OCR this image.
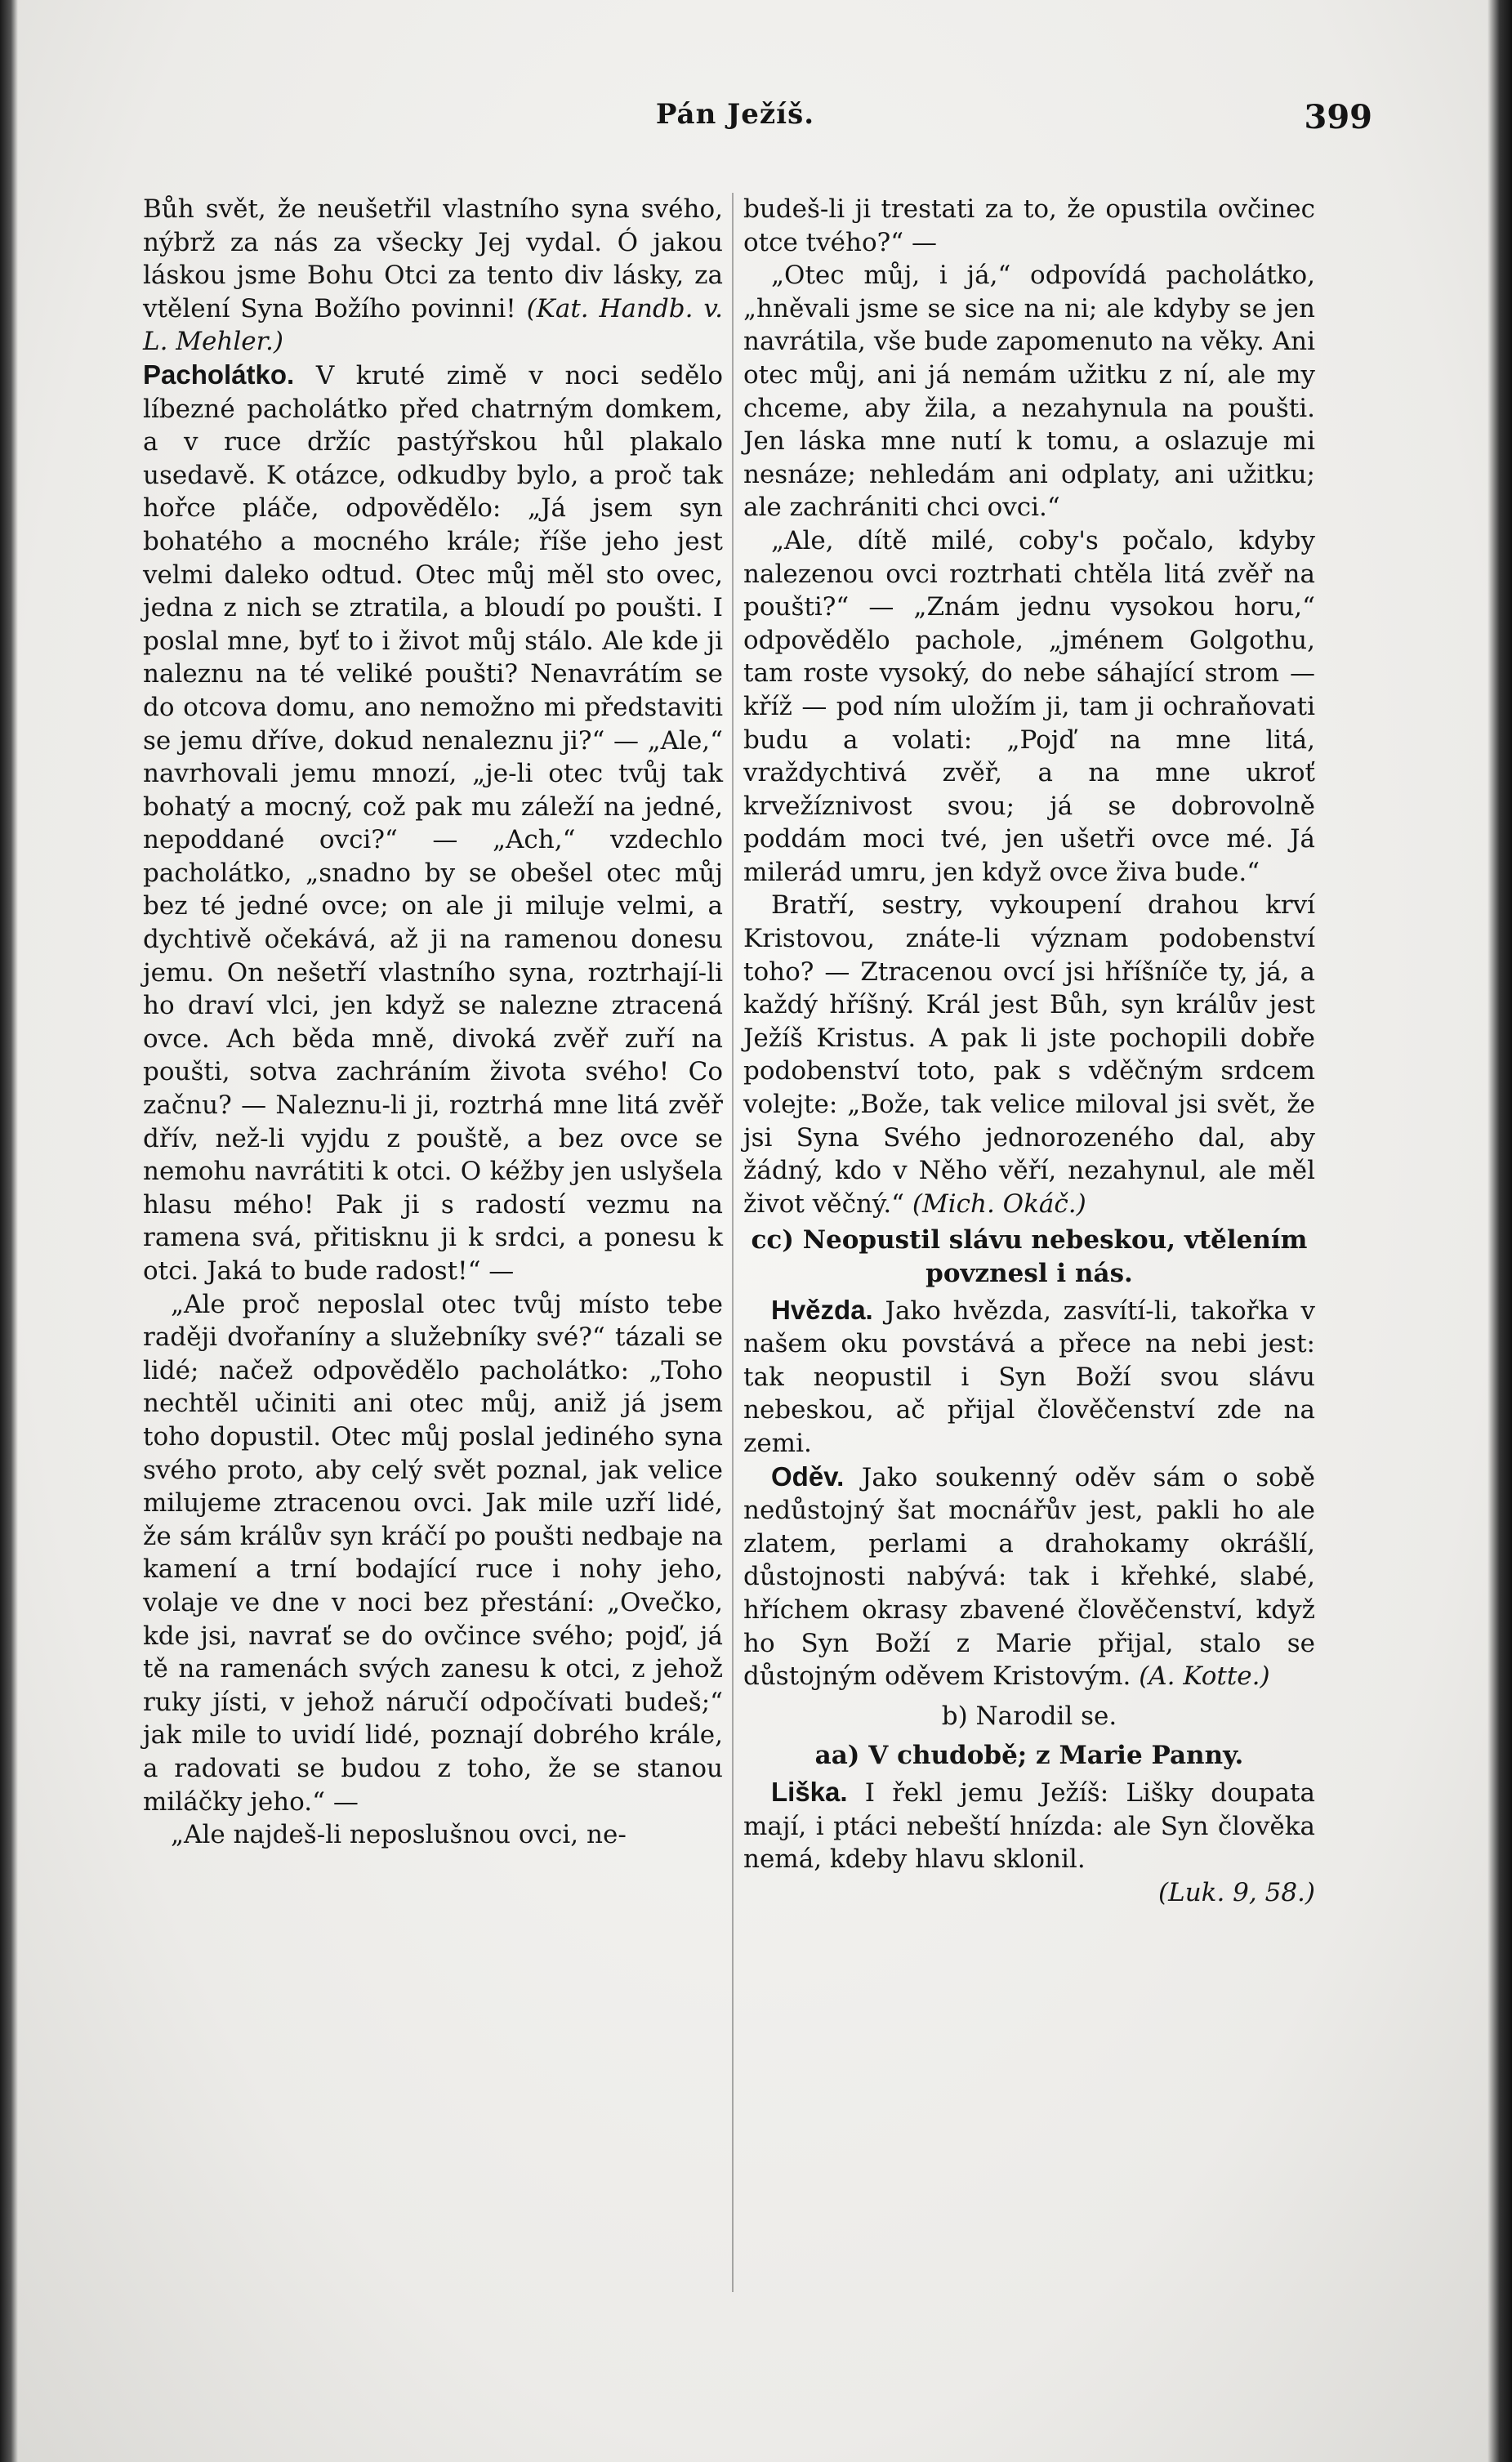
Pán Ježíš.	399

Bůh svět, že neušetřil vlastního syna svého, nýbrž za nás za všecky Jej vydal. Ó jakou láskou jsme Bohu Otci za tento div lásky, za vtělení Syna Božího povinni! (Kat. Handb. v. L. Mehler.)

Pacholátko. V kruté zimě v noci sedělo líbezné pacholátko před chatrným domkem, a v ruce držíc pastýřskou hůl plakalo usedavě. K otázce, odkudby bylo, a proč tak hořce pláče, odpovědělo: „Já jsem syn bohatého a mocného krále; říše jeho jest velmi daleko odtud. Otec můj měl sto ovec, jedna z nich se ztratila, a bloudí po poušti. I poslal mne, byť to i život můj stálo. Ale kde ji naleznu na té veliké poušti? Nenavrátím se do otcova domu, ano nemožno mi představiti se jemu dříve, dokud nenaleznu ji?“ — „Ale,“ navrhovali jemu mnozí, „je-li otec tvůj tak bohatý a mocný, což pak mu záleží na jedné, nepoddané ovci?“ — „Ach,“ vzdechlo pacholátko, „snadno by se obešel otec můj bez té jedné ovce; on ale ji miluje velmi, a dychtivě očekává, až ji na ramenou donesu jemu. On nešetří vlastního syna, roztrhají-li ho draví vlci, jen když se nalezne ztracená ovce. Ach běda mně, divoká zvěř zuří na poušti, sotva zachráním života svého! Co začnu? — Naleznu-li ji, roztrhá mne litá zvěř dřív, než-li vyjdu z pouště, a bez ovce se nemohu navrátiti k otci. O kéžby jen uslyšela hlasu mého! Pak ji s radostí vezmu na ramena svá, přitisknu ji k srdci, a ponesu k otci. Jaká to bude radost!“ —

„Ale proč neposlal otec tvůj místo tebe raději dvořaníny a služebníky své?“ tázali se lidé; načež odpovědělo pacholátko: „Toho nechtěl učiniti ani otec můj, aniž já jsem toho dopustil. Otec můj poslal jediného syna svého proto, aby celý svět poznal, jak velice milujeme ztracenou ovci. Jak mile uzří lidé, že sám králův syn kráčí po poušti nedbaje na kamení a trní bodající ruce i nohy jeho, volaje ve dne v noci bez přestání: „Ovečko, kde jsi, navrať se do ovčince svého; pojď, já tě na ramenách svých zanesu k otci, z jehož ruky jísti, v jehož náručí odpočívati budeš;“ jak mile to uvidí lidé, poznají dobrého krále, a radovati se budou z toho, že se stanou miláčky jeho.“ —

„Ale najdeš-li neposlušnou ovci, ne-

budeš-li ji trestati za to, že opustila ovčinec otce tvého?“ —

„Otec můj, i já,“ odpovídá pacholátko, „hněvali jsme se sice na ni; ale kdyby se jen navrátila, vše bude zapomenuto na věky. Ani otec můj, ani já nemám užitku z ní, ale my chceme, aby žila, a nezahynula na poušti. Jen láska mne nutí k tomu, a oslazuje mi nesnáze; nehledám ani odplaty, ani užitku; ale zachrániti chci ovci.“

„Ale, dítě milé, coby's počalo, kdyby nalezenou ovci roztrhati chtěla litá zvěř na poušti?“ — „Znám jednu vysokou horu,“ odpovědělo pachole, „jménem Golgothu, tam roste vysoký, do nebe sáhající strom — kříž — pod ním uložím ji, tam ji ochraňovati budu a volati: „Pojď na mne litá, vraždychtivá zvěř, a na mne ukroť krvežíznivost svou; já se dobrovolně poddám moci tvé, jen ušetři ovce mé. Já milerád umru, jen když ovce živa bude.“

Bratří, sestry, vykoupení drahou krví Kristovou, znáte-li význam podobenství toho? — Ztracenou ovcí jsi hříšníče ty, já, a každý hříšný. Král jest Bůh, syn králův jest Ježíš Kristus. A pak li jste pochopili dobře podobenství toto, pak s vděčným srdcem volejte: „Bože, tak velice miloval jsi svět, že jsi Syna Svého jednorozeného dal, aby žádný, kdo v Něho věří, nezahynul, ale měl život věčný.“ (Mich. Okáč.)

cc) Neopustil slávu nebeskou, vtělením povznesl i nás.

Hvězda. Jako hvězda, zasvítí-li, takořka v našem oku povstává a přece na nebi jest: tak neopustil i Syn Boží svou slávu nebeskou, ač přijal člověčenství zde na zemi.

Oděv. Jako soukenný oděv sám o sobě nedůstojný šat mocnářův jest, pakli ho ale zlatem, perlami a drahokamy okrášlí, důstojnosti nabývá: tak i křehké, slabé, hříchem okrasy zbavené člověčenství, když ho Syn Boží z Marie přijal, stalo se důstojným oděvem Kristovým. (A. Kotte.)

b) Narodil se.

aa) V chudobě; z Marie Panny.

Liška. I řekl jemu Ježíš: Lišky doupata mají, i ptáci nebeští hnízda: ale Syn člověka nemá, kdeby hlavu sklonil.

(Luk. 9, 58.)
